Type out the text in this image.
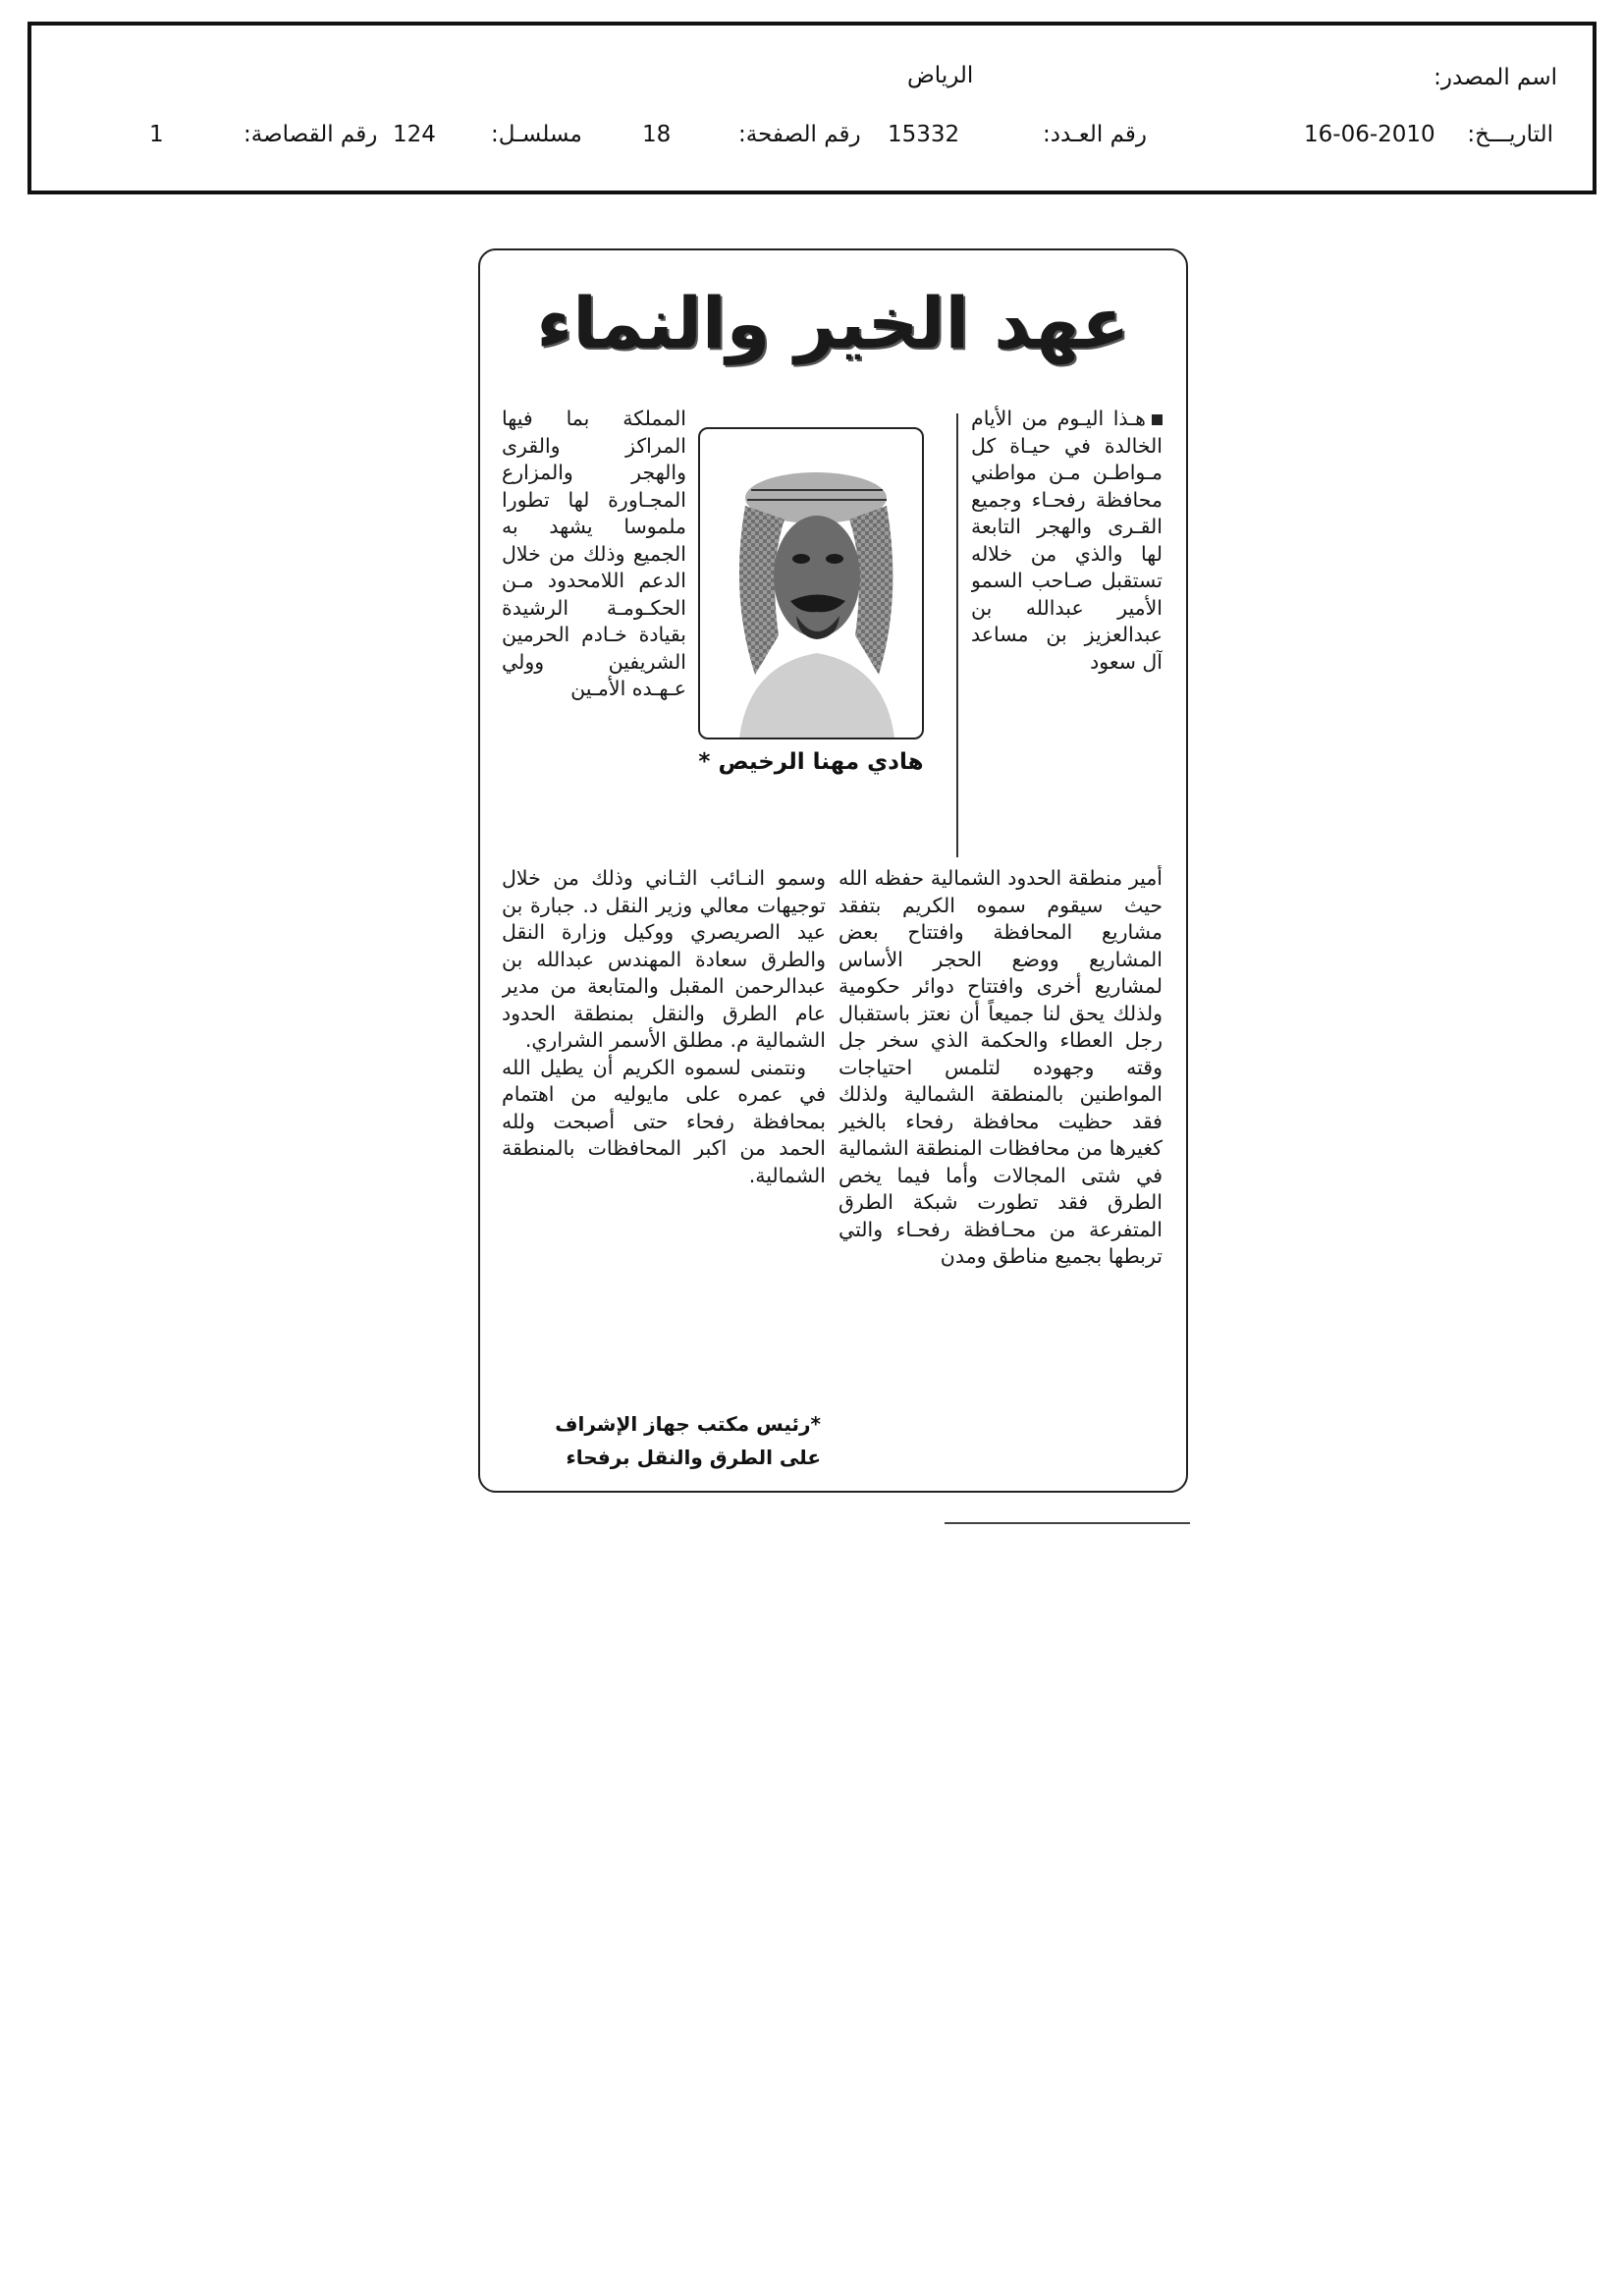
اسم المصدر:
الرياض
التاريـــخ:
16-06-2010
رقم العـدد:
15332
رقم الصفحة:
18
مسلسـل:
124
رقم القصاصة:
1
عهد الخير والنماء

هـذا اليـوم من الأيام الخالدة في حيـاة كل مـواطـن مـن مواطني محافظة رفحـاء وجميع القـرى والهجر التابعة لها والذي من خلاله تستقبل صـاحب السمو الأمير عبدالله بن عبدالعزيز بن مساعد آل سعود

هادي مهنا الرخيص *

المملكة بما فيها المراكز والقرى والهجر والمزارع المجـاورة لها تطورا ملموسا يشهد به الجميع وذلك من خلال الدعم اللامحدود مـن الحكـومـة الرشيدة بقيادة خـادم الحرمين الشريفين وولي عـهـده الأمـين

أمير منطقة الحدود الشمالية حفظه الله حيث سيقوم سموه الكريم بتفقد مشاريع المحافظة وافتتاح بعض المشاريع ووضع الحجر الأساس لمشاريع أخرى وافتتاح دوائر حكومية ولذلك يحق لنا جميعاً أن نعتز باستقبال رجل العطاء والحكمة الذي سخر جل وقته وجهوده لتلمس احتياجات المواطنين بالمنطقة الشمالية ولذلك فقد حظيت محافظة رفحاء بالخير كغيرها من محافظات المنطقة الشمالية في شتى المجالات وأما فيما يخص الطرق فقد تطورت شبكة الطرق المتفرعة من محـافظة رفحـاء والتي تربطها بجميع مناطق ومدن

وسمو النـائب الثـاني وذلك من خلال توجيهات معالي وزير النقل د. جبارة بن عيد الصريصري ووكيل وزارة النقل والطرق سعادة المهندس عبدالله بن عبدالرحمن المقبل والمتابعة من مدير عام الطرق والنقل بمنطقة الحدود الشمالية م. مطلق الأسمر الشراري.

ونتمنى لسموه الكريم أن يطيل الله في عمره على مايوليه من اهتمام بمحافظة رفحاء حتى أصبحت ولله الحمد من اكبر المحافظات بالمنطقة الشمالية.

*رئيس مكتب جهاز الإشراف
على الطرق والنقل برفحاء
